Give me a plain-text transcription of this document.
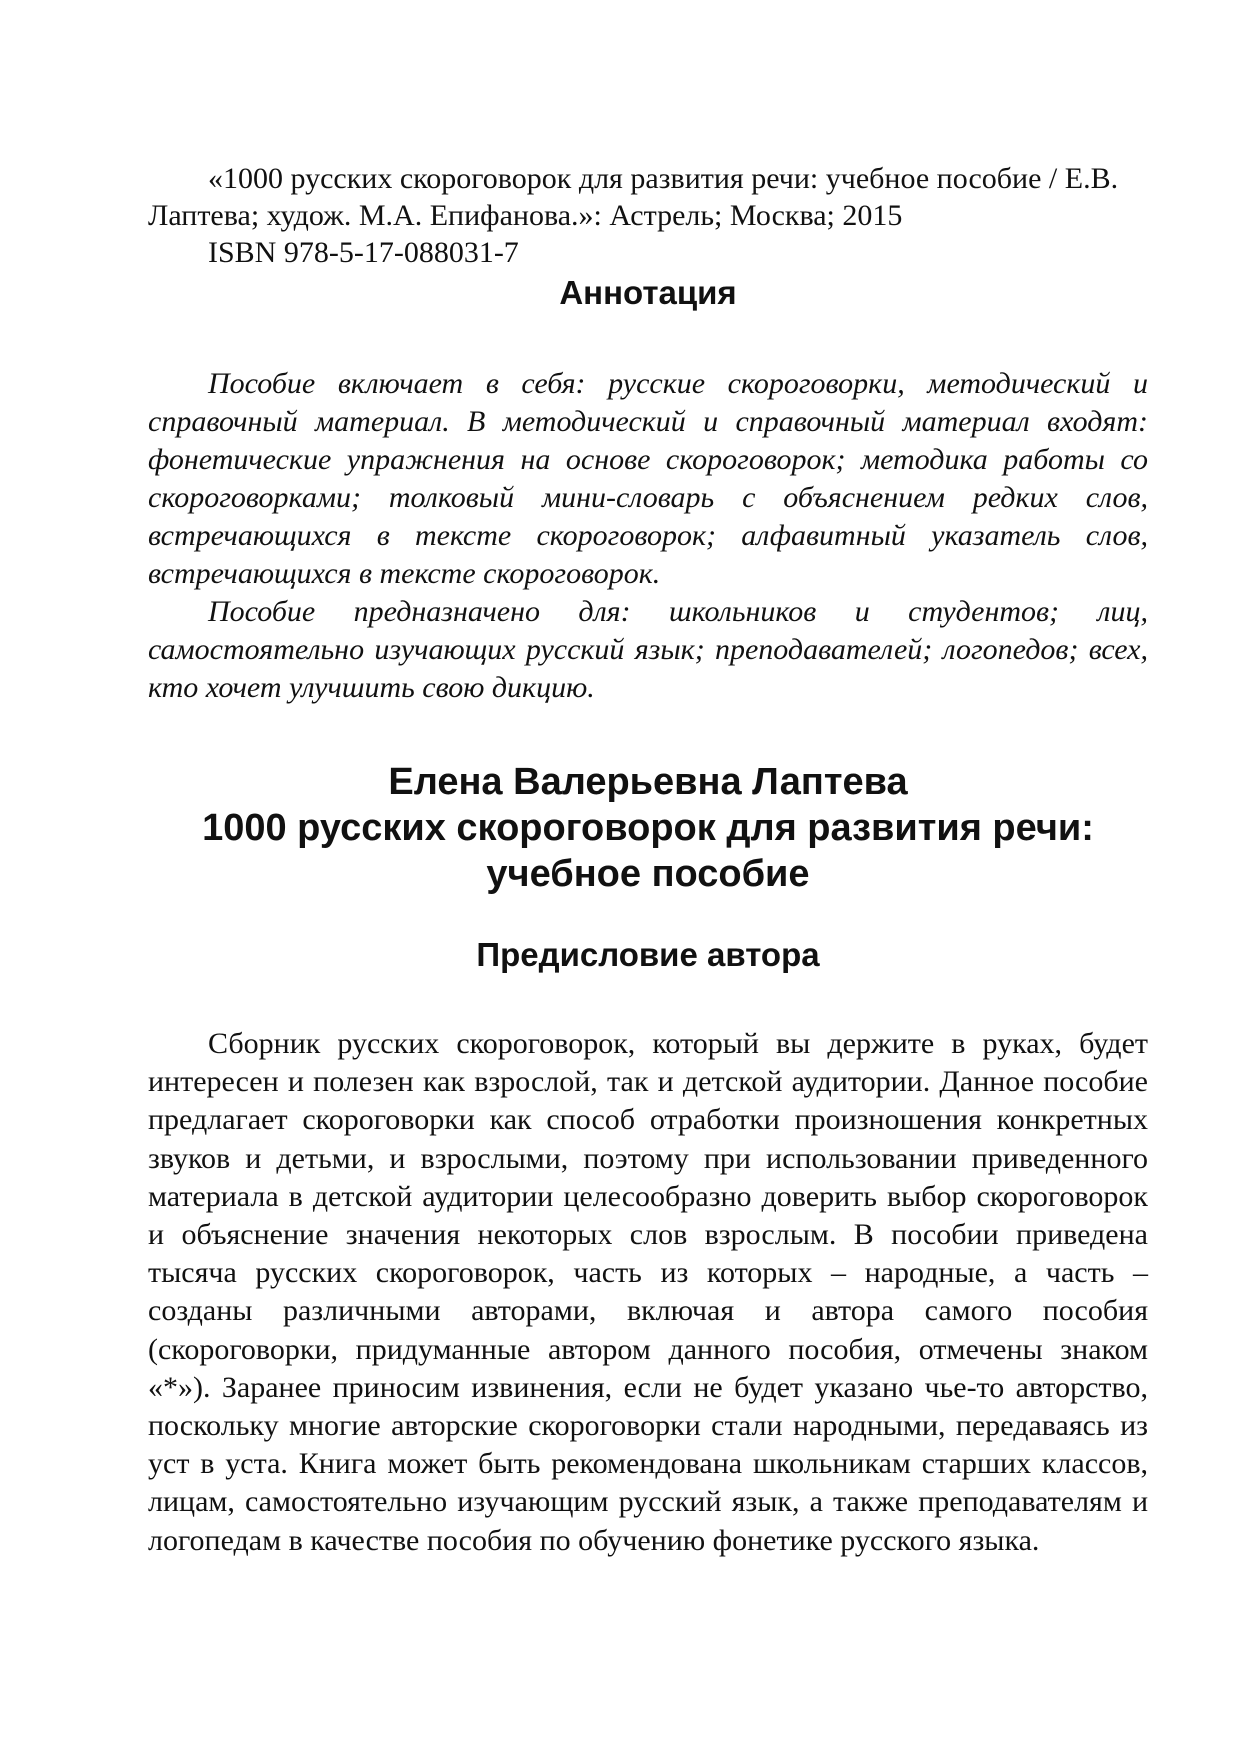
«1000 русских скороговорок для развития речи: учебное пособие / Е.В. Лаптева; худож. М.А. Епифанова.»: Астрель; Москва; 2015

ISBN 978-5-17-088031-7

Аннотация

Пособие включает в себя: русские скороговорки, методический и справочный материал. В методический и справочный материал входят: фонетические упражнения на основе скороговорок; методика работы со скороговорками; толковый мини-словарь с объяснением редких слов, встречающихся в тексте скороговорок; алфавитный указатель слов, встречающихся в тексте скороговорок.

Пособие предназначено для: школьников и студентов; лиц, самостоятельно изучающих русский язык; преподавателей; логопедов; всех, кто хочет улучшить свою дикцию.

Елена Валерьевна Лаптева
1000 русских скороговорок для развития речи:
учебное пособие
Предисловие автора

Сборник русских скороговорок, который вы держите в руках, будет интересен и полезен как взрослой, так и детской аудитории. Данное пособие предлагает скороговорки как способ отработки произношения конкретных звуков и детьми, и взрослыми, поэтому при использовании приведенного материала в детской аудитории целесообразно доверить выбор скороговорок и объяснение значения некоторых слов взрослым. В пособии приведена тысяча русских скороговорок, часть из которых – народные, а часть – созданы различными авторами, включая и автора самого пособия (скороговорки, придуманные автором данного пособия, отмечены знаком «*»). Заранее приносим извинения, если не будет указано чье-то авторство, поскольку многие авторские скороговорки стали народными, передаваясь из уст в уста. Книга может быть рекомендована школьникам старших классов, лицам, самостоятельно изучающим русский язык, а также преподавателям и логопедам в качестве пособия по обучению фонетике русского языка.
